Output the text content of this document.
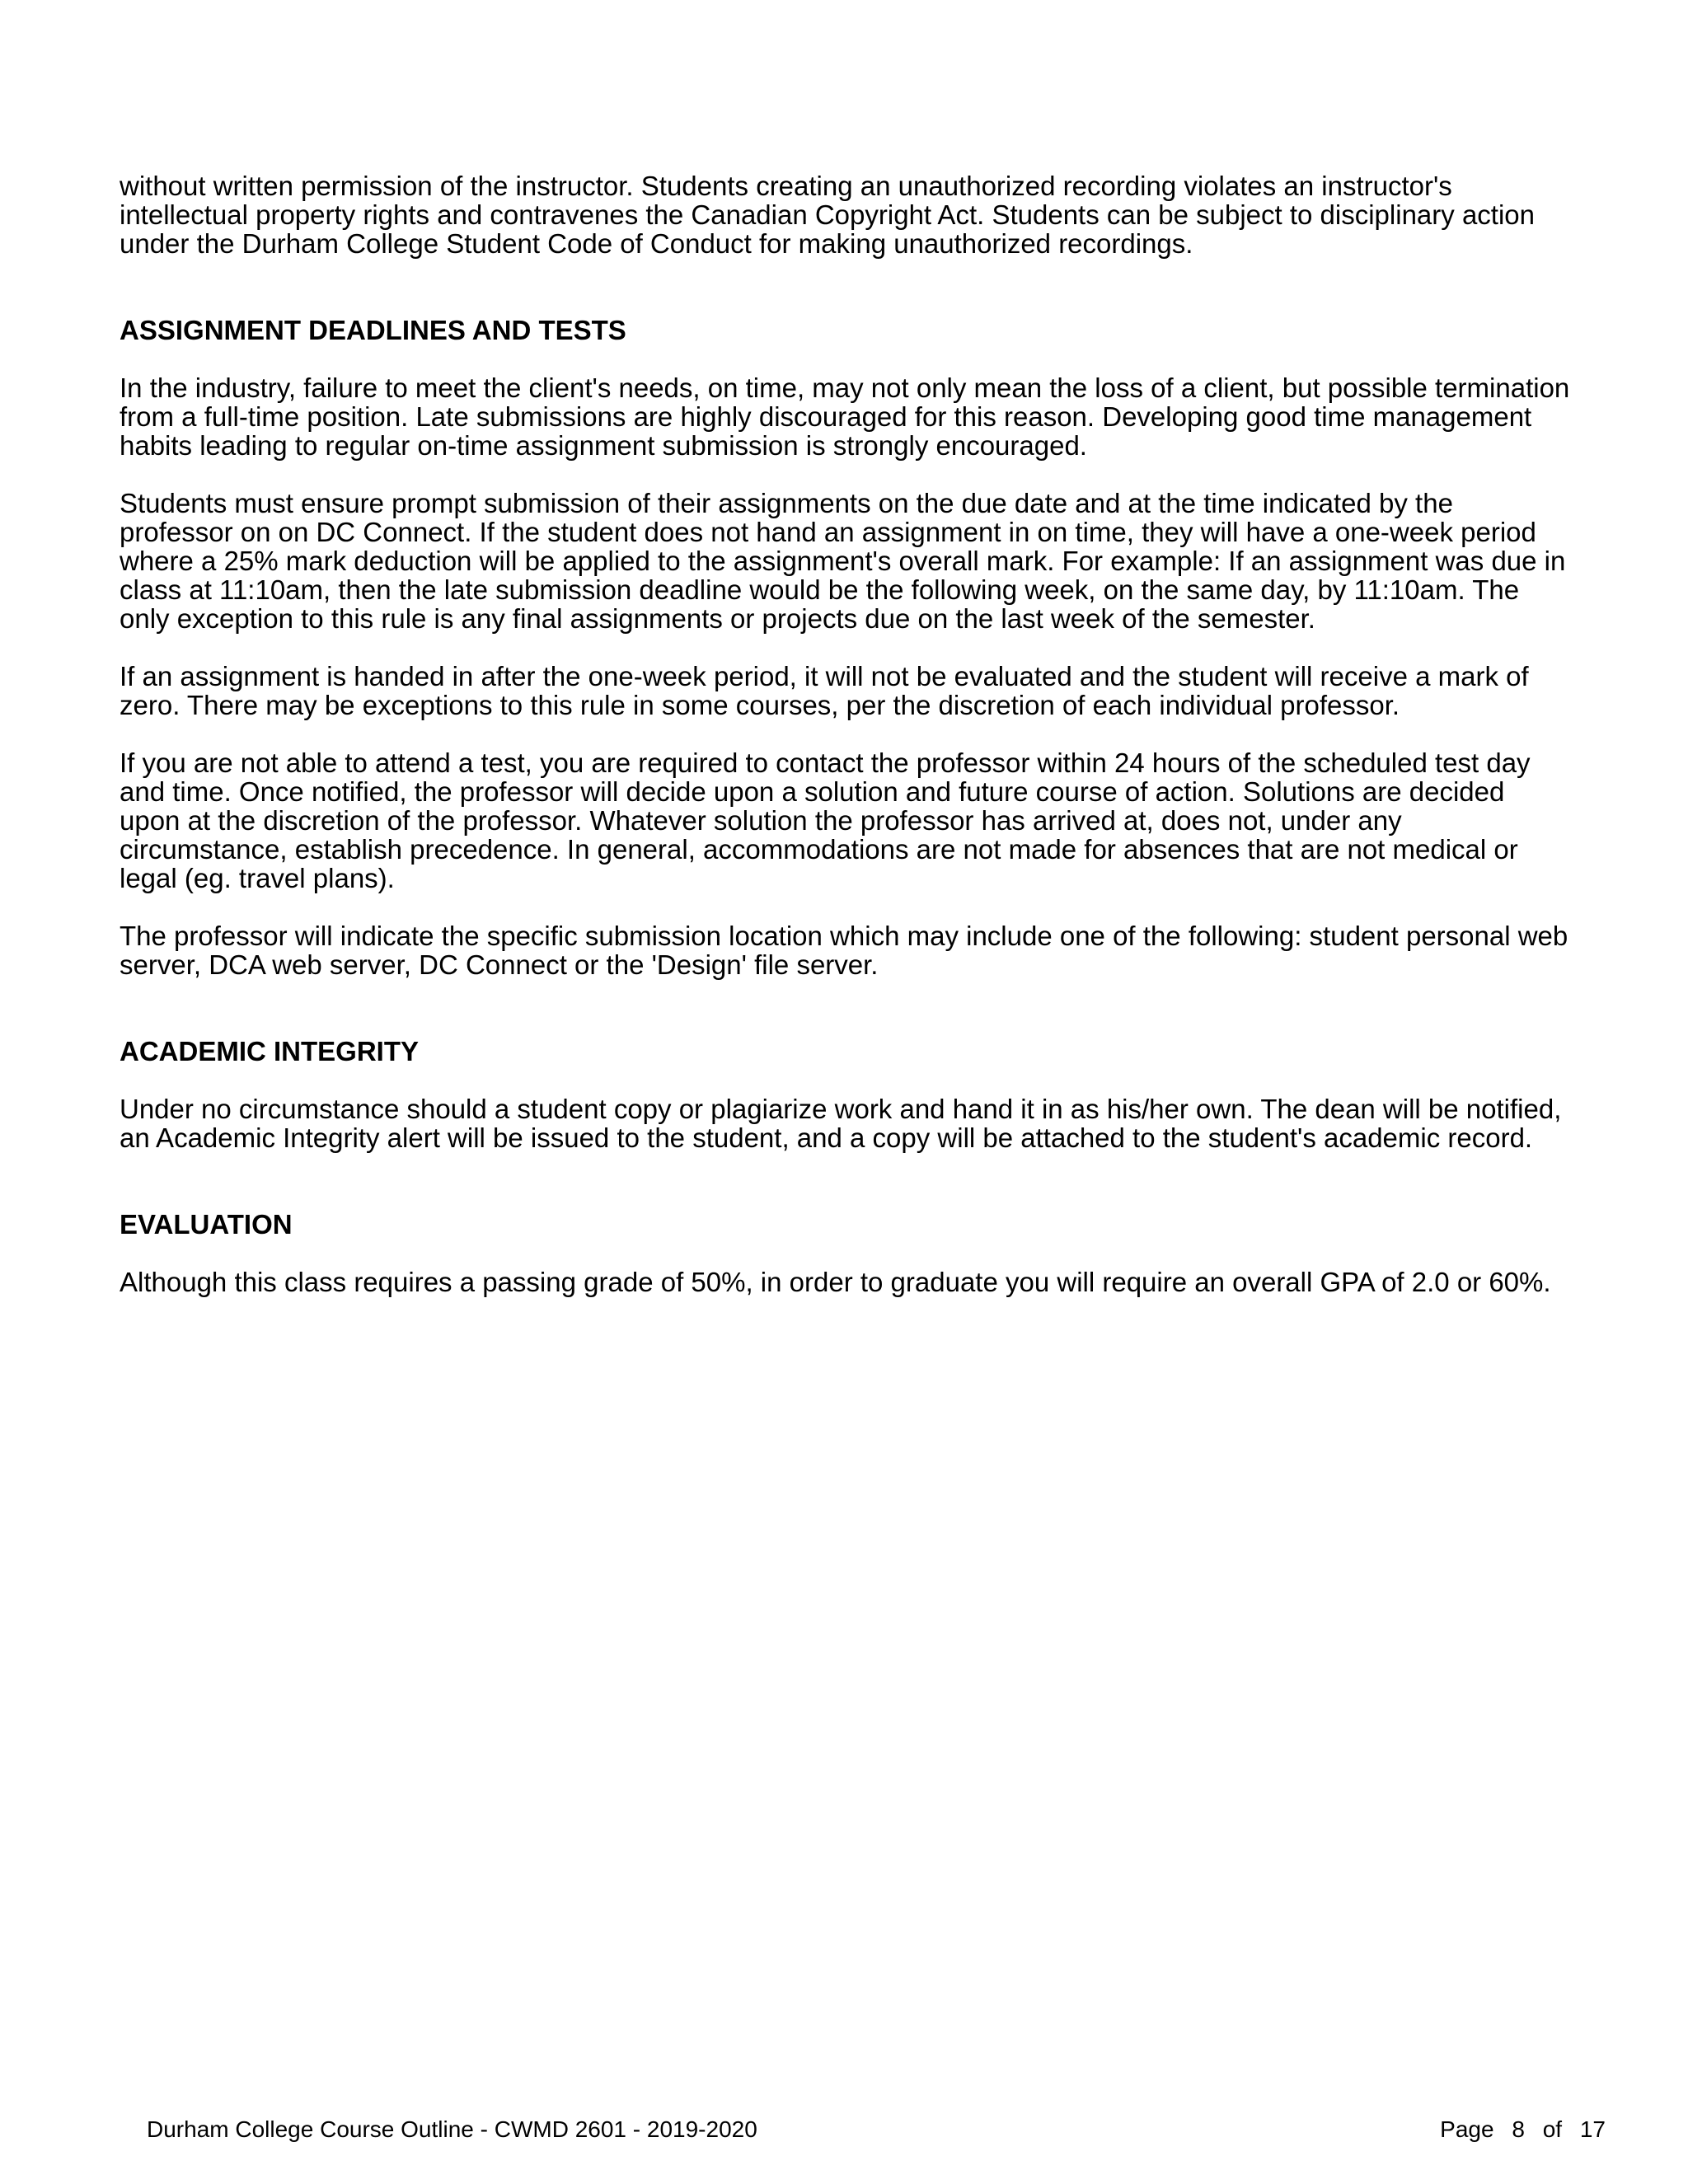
without written permission of the instructor. Students creating an unauthorized recording violates an instructor's intellectual property rights and contravenes the Canadian Copyright Act. Students can be subject to disciplinary action under the Durham College Student Code of Conduct for making unauthorized recordings.

ASSIGNMENT DEADLINES AND TESTS

In the industry, failure to meet the client's needs, on time, may not only mean the loss of a client, but possible termination from a full-time position. Late submissions are highly discouraged for this reason. Developing good time management habits leading to regular on-time assignment submission is strongly encouraged.

Students must ensure prompt submission of their assignments on the due date and at the time indicated by the professor on on DC Connect. If the student does not hand an assignment in on time, they will have a one-week period where a 25% mark deduction will be applied to the assignment's overall mark. For example: If an assignment was due in class at 11:10am, then the late submission deadline would be the following week, on the same day, by 11:10am. The only exception to this rule is any final assignments or projects due on the last week of the semester.

If an assignment is handed in after the one-week period, it will not be evaluated and the student will receive a mark of zero. There may be exceptions to this rule in some courses, per the discretion of each individual professor.

If you are not able to attend a test, you are required to contact the professor within 24 hours of the scheduled test day and time. Once notified, the professor will decide upon a solution and future course of action. Solutions are decided upon at the discretion of the professor. Whatever solution the professor has arrived at, does not, under any circumstance, establish precedence. In general, accommodations are not made for absences that are not medical or legal (eg. travel plans).

The professor will indicate the specific submission location which may include one of the following: student personal web server, DCA web server, DC Connect or the 'Design' file server.

ACADEMIC INTEGRITY

Under no circumstance should a student copy or plagiarize work and hand it in as his/her own. The dean will be notified, an Academic Integrity alert will be issued to the student, and a copy will be attached to the student's academic record.

EVALUATION

Although this class requires a passing grade of 50%, in order to graduate you will require an overall GPA of 2.0 or 60%.

Durham College Course Outline - CWMD 2601 - 2019-2020	Page 8 of 17
